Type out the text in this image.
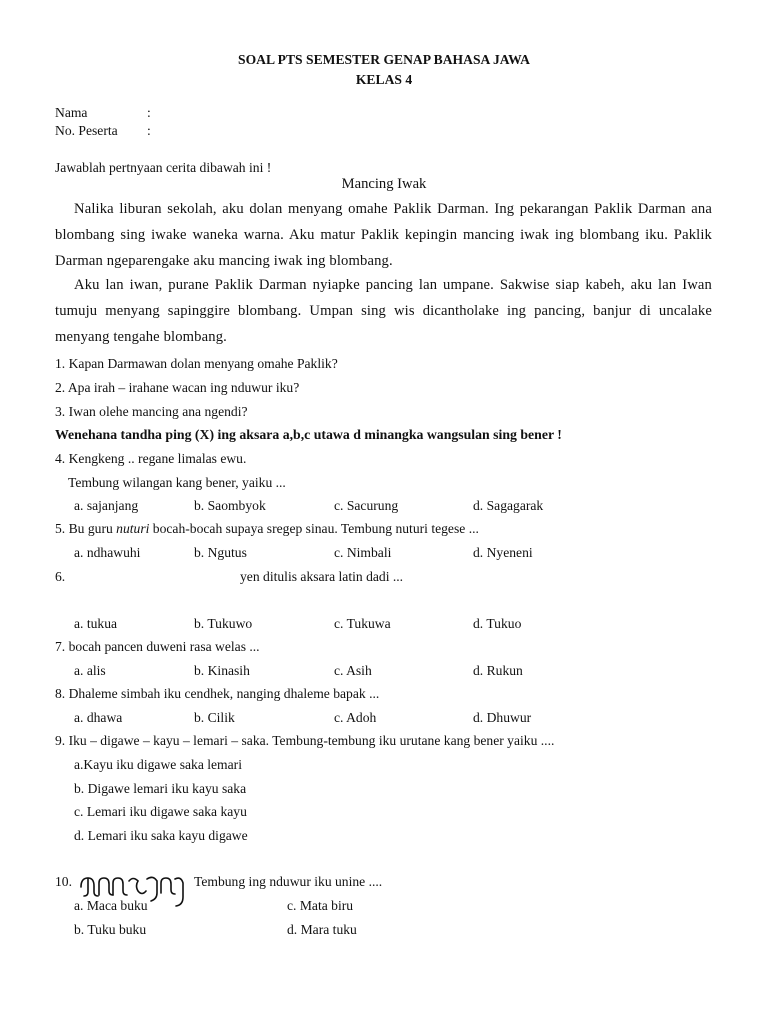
SOAL PTS SEMESTER GENAP BAHASA JAWA
KELAS 4
Nama	:
No. Peserta :
Jawablah pertnyaan cerita dibawah ini !
Mancing Iwak
Nalika liburan sekolah, aku dolan menyang omahe Paklik Darman. Ing pekarangan Paklik Darman ana blombang sing iwake waneka warna. Aku matur Paklik kepingin mancing iwak ing blombang iku. Paklik Darman ngeparengake aku mancing iwak ing blombang.
Aku lan iwan, purane Paklik Darman nyiapke pancing lan umpane. Sakwise siap kabeh, aku lan Iwan tumuju menyang sapinggire blombang. Umpan sing wis dicantholake ing pancing, banjur di uncalake menyang tengahe blombang.
1. Kapan Darmawan dolan menyang omahe Paklik?
2. Apa irah – irahane wacan ing nduwur iku?
3. Iwan olehe mancing ana ngendi?
Wenehana tandha ping (X) ing aksara a,b,c utawa d minangka wangsulan sing bener !
4. Kengkeng .. regane limalas ewu.
Tembung wilangan kang bener, yaiku ...
a. sajanjang	b. Saombyok	c. Sacurung	d. Sagagarak
5. Bu guru nuturi bocah-bocah supaya sregep sinau. Tembung nuturi tegese ...
a. ndhawuhi	b. Ngutus	c. Nimbali	d. Nyeneni
6.	yen ditulis aksara latin dadi ...
a. tukua	b. Tukuwo	c. Tukuwa	d. Tukuo
7. bocah pancen duweni rasa welas ...
a. alis	b. Kinasih	c. Asih	d. Rukun
8. Dhaleme simbah iku cendhek, nanging dhaleme bapak ...
a. dhawa	b. Cilik	c. Adoh	d. Dhuwur
9. Iku – digawe – kayu – lemari – saka. Tembung-tembung iku urutane kang bener yaiku ....
a.Kayu iku digawe saka lemari
b. Digawe lemari iku kayu saka
c. Lemari iku digawe saka kayu
d. Lemari iku saka kayu digawe
10.	Tembung ing nduwur iku unine ....
a. Maca buku	c. Mata biru
b. Tuku buku	d. Mara tuku
